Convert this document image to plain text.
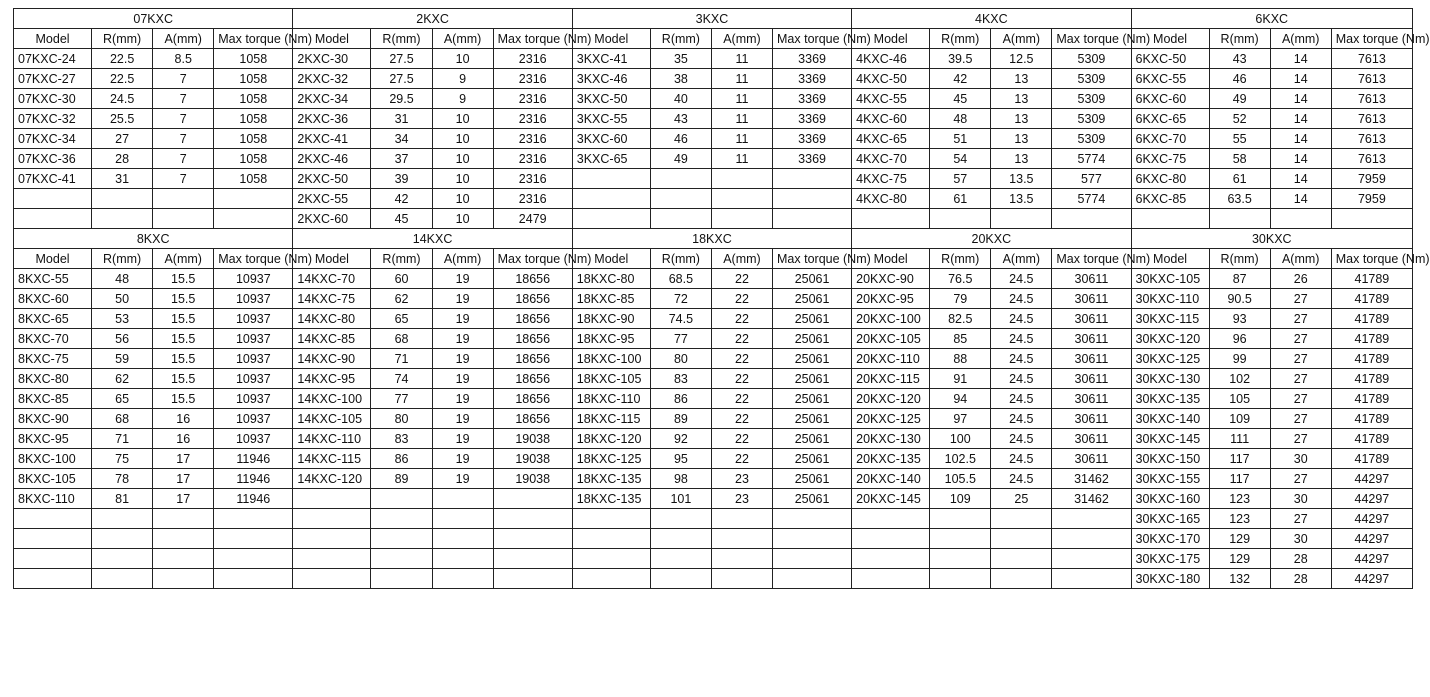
07KXC				2KXC				3KXC				4KXC				6KXC			
Model	R(mm)	A(mm)	Max torque (Nm)	Model	R(mm)	A(mm)	Max torque (Nm)	Model	R(mm)	A(mm)	Max torque (Nm)	Model	R(mm)	A(mm)	Max torque (Nm)	Model	R(mm)	A(mm)	Max torque (Nm)
07KXC-24	22.5	8.5	1058	2KXC-30	27.5	10	2316	3KXC-41	35	11	3369	4KXC-46	39.5	12.5	5309	6KXC-50	43	14	7613
07KXC-27	22.5	7	1058	2KXC-32	27.5	9	2316	3KXC-46	38	11	3369	4KXC-50	42	13	5309	6KXC-55	46	14	7613
07KXC-30	24.5	7	1058	2KXC-34	29.5	9	2316	3KXC-50	40	11	3369	4KXC-55	45	13	5309	6KXC-60	49	14	7613
07KXC-32	25.5	7	1058	2KXC-36	31	10	2316	3KXC-55	43	11	3369	4KXC-60	48	13	5309	6KXC-65	52	14	7613
07KXC-34	27	7	1058	2KXC-41	34	10	2316	3KXC-60	46	11	3369	4KXC-65	51	13	5309	6KXC-70	55	14	7613
07KXC-36	28	7	1058	2KXC-46	37	10	2316	3KXC-65	49	11	3369	4KXC-70	54	13	5774	6KXC-75	58	14	7613
07KXC-41	31	7	1058	2KXC-50	39	10	2316					4KXC-75	57	13.5	577	6KXC-80	61	14	7959
				2KXC-55	42	10	2316					4KXC-80	61	13.5	5774	6KXC-85	63.5	14	7959
				2KXC-60	45	10	2479												
8KXC				14KXC				18KXC				20KXC				30KXC			
Model	R(mm)	A(mm)	Max torque (Nm)	Model	R(mm)	A(mm)	Max torque (Nm)	Model	R(mm)	A(mm)	Max torque (Nm)	Model	R(mm)	A(mm)	Max torque (Nm)	Model	R(mm)	A(mm)	Max torque (Nm)
8KXC-55	48	15.5	10937	14KXC-70	60	19	18656	18KXC-80	68.5	22	25061	20KXC-90	76.5	24.5	30611	30KXC-105	87	26	41789
8KXC-60	50	15.5	10937	14KXC-75	62	19	18656	18KXC-85	72	22	25061	20KXC-95	79	24.5	30611	30KXC-110	90.5	27	41789
8KXC-65	53	15.5	10937	14KXC-80	65	19	18656	18KXC-90	74.5	22	25061	20KXC-100	82.5	24.5	30611	30KXC-115	93	27	41789
8KXC-70	56	15.5	10937	14KXC-85	68	19	18656	18KXC-95	77	22	25061	20KXC-105	85	24.5	30611	30KXC-120	96	27	41789
8KXC-75	59	15.5	10937	14KXC-90	71	19	18656	18KXC-100	80	22	25061	20KXC-110	88	24.5	30611	30KXC-125	99	27	41789
8KXC-80	62	15.5	10937	14KXC-95	74	19	18656	18KXC-105	83	22	25061	20KXC-115	91	24.5	30611	30KXC-130	102	27	41789
8KXC-85	65	15.5	10937	14KXC-100	77	19	18656	18KXC-110	86	22	25061	20KXC-120	94	24.5	30611	30KXC-135	105	27	41789
8KXC-90	68	16	10937	14KXC-105	80	19	18656	18KXC-115	89	22	25061	20KXC-125	97	24.5	30611	30KXC-140	109	27	41789
8KXC-95	71	16	10937	14KXC-110	83	19	19038	18KXC-120	92	22	25061	20KXC-130	100	24.5	30611	30KXC-145	111	27	41789
8KXC-100	75	17	11946	14KXC-115	86	19	19038	18KXC-125	95	22	25061	20KXC-135	102.5	24.5	30611	30KXC-150	117	30	41789
8KXC-105	78	17	11946	14KXC-120	89	19	19038	18KXC-135	98	23	25061	20KXC-140	105.5	24.5	31462	30KXC-155	117	27	44297
8KXC-110	81	17	11946					18KXC-135	101	23	25061	20KXC-145	109	25	31462	30KXC-160	123	30	44297
																30KXC-165	123	27	44297
																30KXC-170	129	30	44297
																30KXC-175	129	28	44297
																30KXC-180	132	28	44297
